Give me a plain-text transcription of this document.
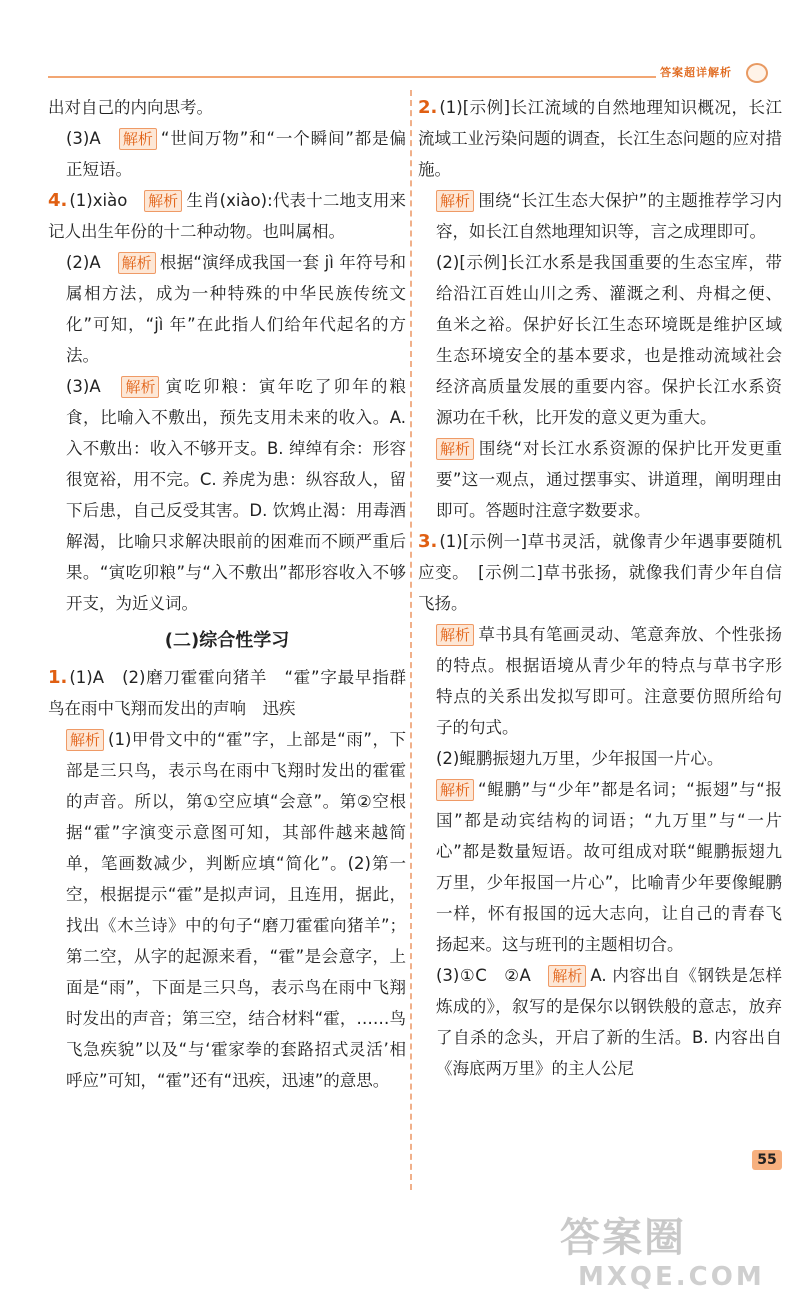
答案超详解析

出对自己的内向思考。

(3)A　解析 “世间万物”和“一个瞬间”都是偏正短语。

4. (1)xiào　解析 生肖(xiào):代表十二地支用来记人出生年份的十二种动物。也叫属相。

(2)A　解析 根据“演绎成我国一套 jì 年符号和属相方法，成为一种特殊的中华民族传统文化”可知，“jì 年”在此指人们给年代起名的方法。

(3)A　解析 寅吃卯粮：寅年吃了卯年的粮食，比喻入不敷出，预先支用未来的收入。A. 入不敷出：收入不够开支。B. 绰绰有余：形容很宽裕，用不完。C. 养虎为患：纵容敌人，留下后患，自己反受其害。D. 饮鸩止渴：用毒酒解渴，比喻只求解决眼前的困难而不顾严重后果。“寅吃卯粮”与“入不敷出”都形容收入不够开支，为近义词。

(二)综合性学习

1. (1)A　(2)磨刀霍霍向猪羊　“霍”字最早指群鸟在雨中飞翔而发出的声响　迅疾

解析 (1)甲骨文中的“霍”字，上部是“雨”，下部是三只鸟，表示鸟在雨中飞翔时发出的霍霍的声音。所以，第①空应填“会意”。第②空根据“霍”字演变示意图可知，其部件越来越简单，笔画数减少，判断应填“简化”。(2)第一空，根据提示“霍”是拟声词，且连用，据此，找出《木兰诗》中的句子“磨刀霍霍向猪羊”；第二空，从字的起源来看，“霍”是会意字，上面是“雨”，下面是三只鸟，表示鸟在雨中飞翔时发出的声音；第三空，结合材料“霍，……鸟飞急疾貌”以及“与‘霍家拳的套路招式灵活’相呼应”可知，“霍”还有“迅疾，迅速”的意思。

2. (1)[示例]长江流域的自然地理知识概况，长江流域工业污染问题的调查，长江生态问题的应对措施。

解析 围绕“长江生态大保护”的主题推荐学习内容，如长江自然地理知识等，言之成理即可。

(2)[示例]长江水系是我国重要的生态宝库，带给沿江百姓山川之秀、灌溉之利、舟楫之便、鱼米之裕。保护好长江生态环境既是维护区域生态环境安全的基本要求，也是推动流域社会经济高质量发展的重要内容。保护长江水系资源功在千秋，比开发的意义更为重大。

解析 围绕“对长江水系资源的保护比开发更重要”这一观点，通过摆事实、讲道理，阐明理由即可。答题时注意字数要求。

3. (1)[示例一]草书灵活，就像青少年遇事要随机应变。　[示例二]草书张扬，就像我们青少年自信飞扬。

解析 草书具有笔画灵动、笔意奔放、个性张扬的特点。根据语境从青少年的特点与草书字形特点的关系出发拟写即可。注意要仿照所给句子的句式。

(2)鲲鹏振翅九万里，少年报国一片心。

解析 “鲲鹏”与“少年”都是名词；“振翅”与“报国”都是动宾结构的词语；“九万里”与“一片心”都是数量短语。故可组成对联“鲲鹏振翅九万里，少年报国一片心”，比喻青少年要像鲲鹏一样，怀有报国的远大志向，让自己的青春飞扬起来。这与班刊的主题相切合。

(3)①C　②A　解析 A. 内容出自《钢铁是怎样炼成的》，叙写的是保尔以钢铁般的意志，放弃了自杀的念头，开启了新的生活。B. 内容出自《海底两万里》的主人公尼

55
答案圈
MXQE.COM
